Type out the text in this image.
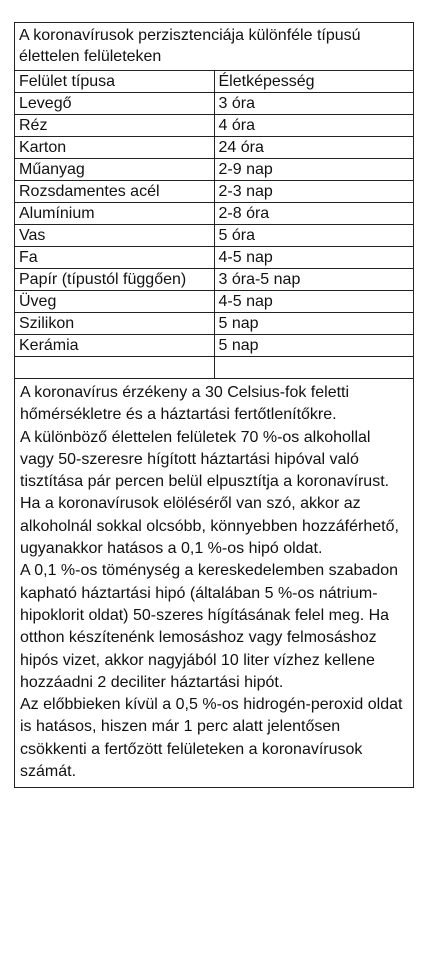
A koronavírusok perzisztenciája különféle típusú élettelen felületeken	
Felület típusa	Életképesség
Levegő	3 óra
Réz	4 óra
Karton	24 óra
Műanyag	2-9 nap
Rozsdamentes acél	2-3 nap
Alumínium	2-8 óra
Vas	5 óra
Fa	4-5 nap
Papír (típustól függően)	3 óra-5 nap
Üveg	4-5 nap
Szilikon	5 nap
Kerámia	5 nap

A koronavírus érzékeny a 30 Celsius-fok feletti hőmérsékletre és a háztartási fertőtlenítőkre.
A különböző élettelen felületek 70 %-os alkohollal vagy 50-szeresre hígított háztartási hipóval való tisztítása pár percen belül elpusztítja a koronavírust.
Ha a koronavírusok elöléséről van szó, akkor az alkoholnál sokkal olcsóbb, könnyebben hozzáférhető, ugyanakkor hatásos a 0,1 %-os hipó oldat.
A 0,1 %-os töménység a kereskedelemben szabadon kapható háztartási hipó (általában 5 %-os nátrium-hipoklorit oldat) 50-szeres hígításának felel meg. Ha otthon készítenénk lemosáshoz vagy felmosáshoz hipós vizet, akkor nagyjából 10 liter vízhez kellene hozzáadni 2 deciliter háztartási hipót.
Az előbbieken kívül a 0,5 %-os hidrogén-peroxid oldat is hatásos, hiszen már 1 perc alatt jelentősen csökkenti a fertőzött felületeken a koronavírusok számát.	
